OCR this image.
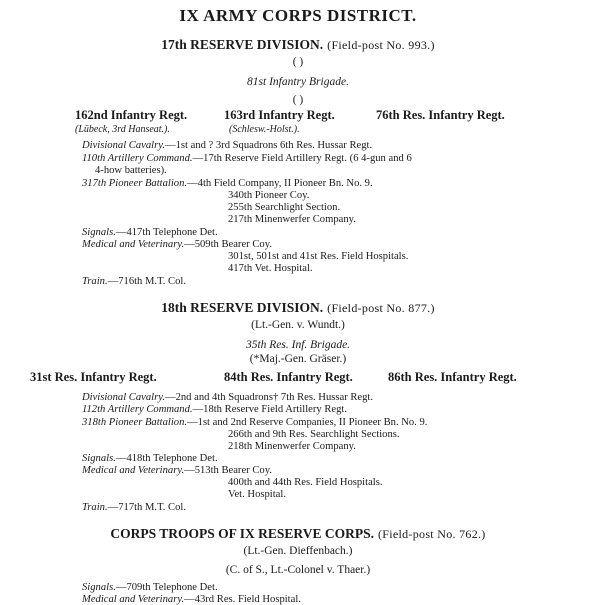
IX ARMY CORPS DISTRICT.
17th RESERVE DIVISION. (Field-post No. 993.)
( )
81st Infantry Brigade.
( )
162nd Infantry Regt.	163rd Infantry Regt.	76th Res. Infantry Regt.
(Lübeck, 3rd Hanseat.).	(Schlesw.-Holst.).
Divisional Cavalry.—1st and ? 3rd Squadrons 6th Res. Hussar Regt.
110th Artillery Command.—17th Reserve Field Artillery Regt. (6 4-gun and 6
4-how batteries).
317th Pioneer Battalion.—4th Field Company, II Pioneer Bn. No. 9.
340th Pioneer Coy.
255th Searchlight Section.
217th Minenwerfer Company.
Signals.—417th Telephone Det.
Medical and Veterinary.—509th Bearer Coy.
301st, 501st and 41st Res. Field Hospitals.
417th Vet. Hospital.
Train.—716th M.T. Col.
18th RESERVE DIVISION. (Field-post No. 877.)
(Lt.-Gen. v. Wundt.)
35th Res. Inf. Brigade.
(*Maj.-Gen. Gräser.)
31st Res. Infantry Regt.	84th Res. Infantry Regt.	86th Res. Infantry Regt.
Divisional Cavalry.—2nd and 4th Squadrons† 7th Res. Hussar Regt.
112th Artillery Command.—18th Reserve Field Artillery Regt.
318th Pioneer Battalion.—1st and 2nd Reserve Companies, II Pioneer Bn. No. 9.
266th and 9th Res. Searchlight Sections.
218th Minenwerfer Company.
Signals.—418th Telephone Det.
Medical and Veterinary.—513th Bearer Coy.
400th and 44th Res. Field Hospitals.
Vet. Hospital.
Train.—717th M.T. Col.
CORPS TROOPS OF IX RESERVE CORPS. (Field-post No. 762.)
(Lt.-Gen. Dieffenbach.)
(C. of S., Lt.-Colonel v. Thaer.)
Signals.—709th Telephone Det.
Medical and Veterinary.—43rd Res. Field Hospital.
